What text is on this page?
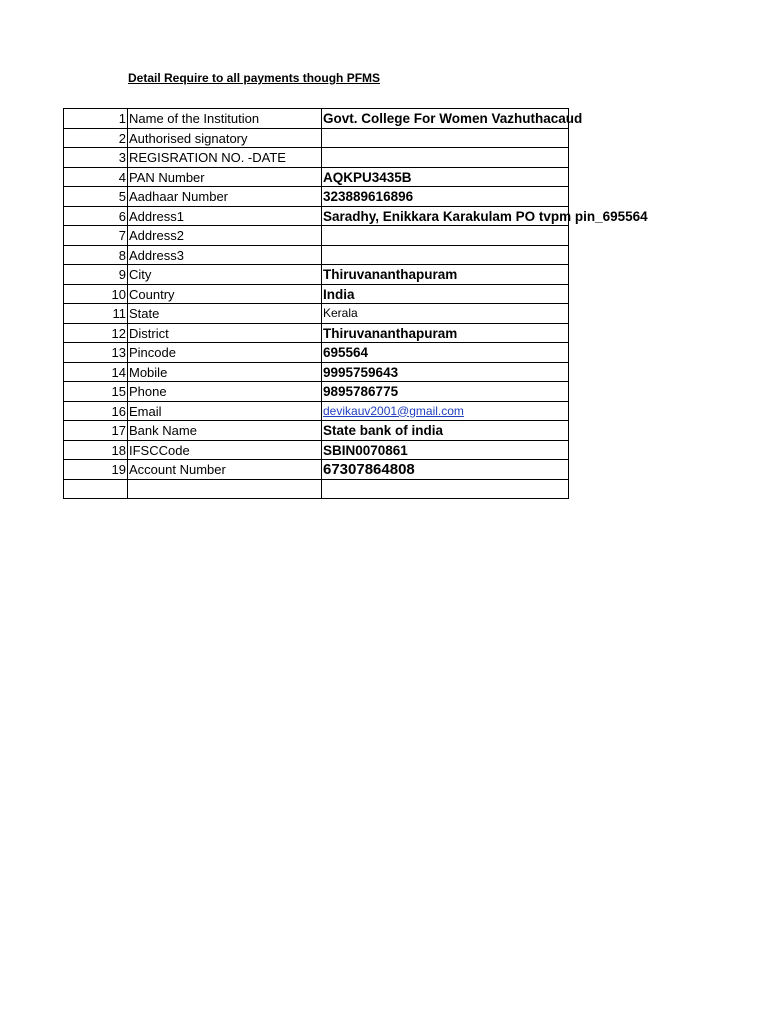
Detail Require to all payments though PFMS
1 Name of the Institution	Govt. College For Women Vazhuthacaud
2 Authorised signatory
3 REGISRATION NO. -DATE
4 PAN Number	AQKPU3435B
5 Aadhaar Number	323889616896
6 Address1	Saradhy, Enikkara Karakulam PO tvpm pin_695564
7 Address2
8 Address3
9 City	Thiruvananthapuram
10 Country	India
11 State	Kerala
12 District	Thiruvananthapuram
13 Pincode	695564
14 Mobile	9995759643
15 Phone	9895786775
16 Email	devikauv2001@gmail.com
17 Bank Name	State bank of india
18 IFSCCode	SBIN0070861
19 Account Number	67307864808
